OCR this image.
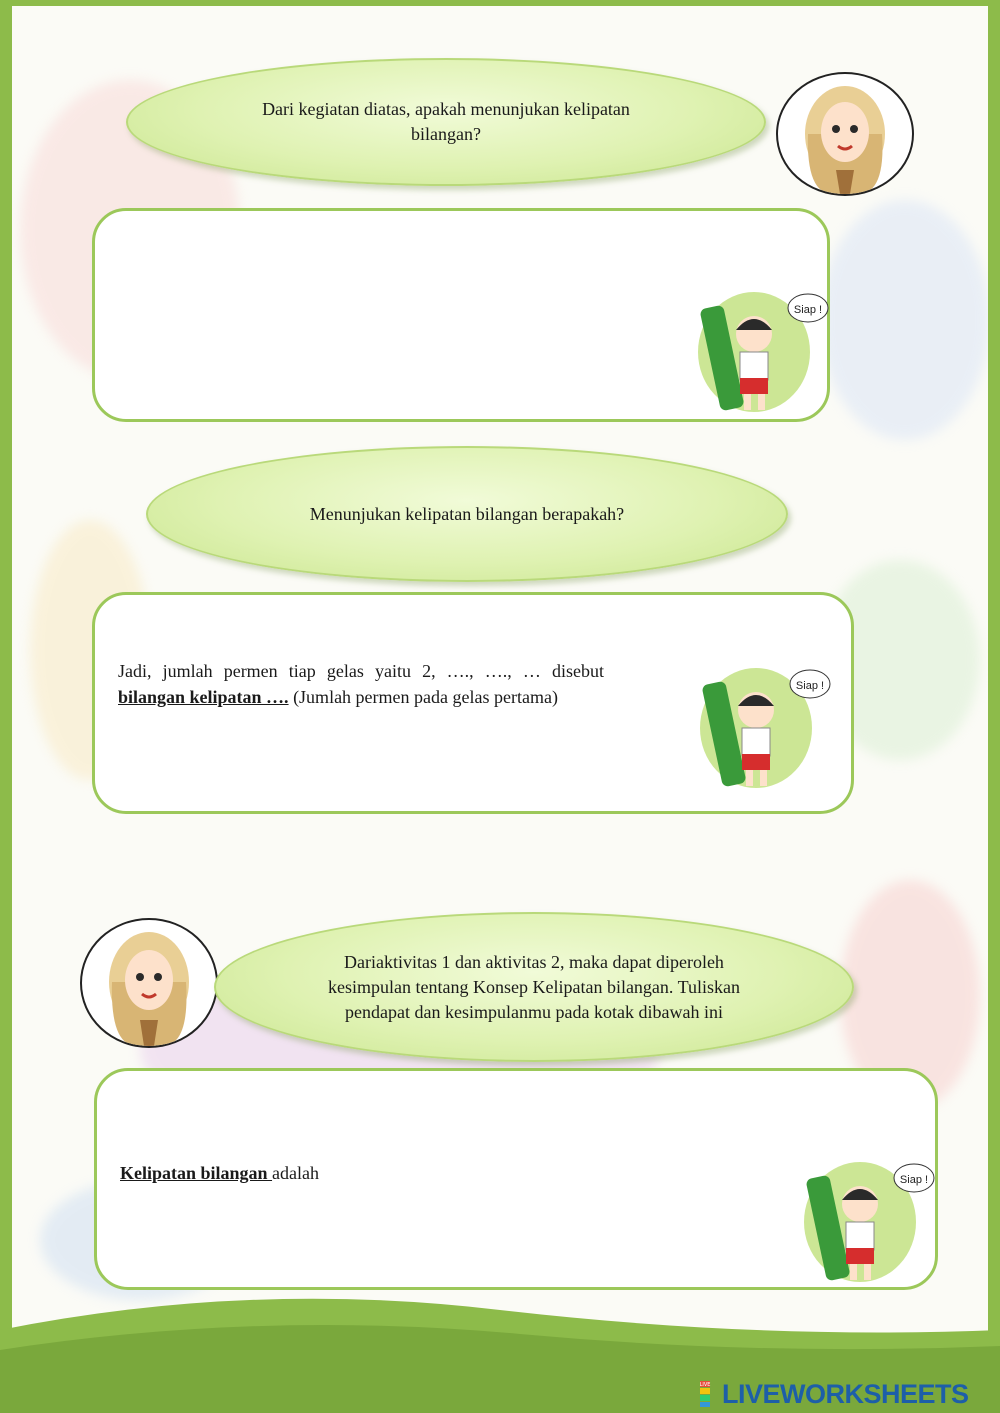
Dari kegiatan diatas, apakah menunjukan kelipatan bilangan?
Siap !
Menunjukan kelipatan bilangan berapakah?
Jadi, jumlah permen tiap gelas yaitu 2, …., …., … disebut bilangan kelipatan …. (Jumlah permen pada gelas pertama)
Siap !
Dariaktivitas 1 dan aktivitas 2, maka dapat diperoleh kesimpulan tentang Konsep Kelipatan bilangan. Tuliskan pendapat dan kesimpulanmu pada kotak dibawah ini
Kelipatan bilangan adalah	Siap !
LIVE LIVEWORKSHEETS
